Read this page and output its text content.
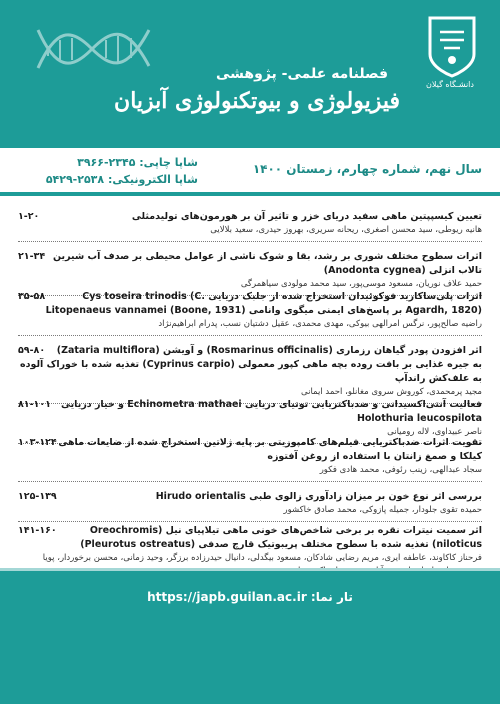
دانشـگاه گیلان
فصلنامه علمی- پژوهشی
فیزیولوژی و بیوتکنولوژی آبزیان
سال نهم، شماره چهارم، زمستان ۱۴۰۰
شاپا چاپی: ۲۳۴۵-۳۹۶۶
شاپا الکترونیکی: ۲۵۳۸-۵۴۲۹
۱-۲۰	تعیین کیسپپتین ماهی سفید دریای خزر و تاثیر آن بر هورمون‌های تولیدمثلی
هانیه ریوطی، سید محسن اصغری، ریحانه سریری، بهروز حیدری، سعید بلالایی
۲۱-۳۴ اثرات سطوح مختلف شوری بر رشد، بقا و شوک ناشی از عوامل محیطی بر صدف آب شیرین تالاب انزلی (Anodonta cygnea)
حمید علاف نوریان، مسعود موسی‌پور، سید محمد مولودی سیاهمرگی
۳۵-۵۸	اثرات پلی‌ساکارید فوکوئیدان استخراج شده از جلبک دریایی Cys toseira trinodis (C. Agardh, 1820) بر پاسخ‌های ایمنی میگوی وانامی (Litopenaeus vannamei (Boone, 1931
راضیه صالح‌پور، نرگس امرالهی بیوکی، مهدی محمدی، عقیل دشتیان نسب، پدرام ابراهیم‌نژاد
۵۹-۸۰ اثر افزودن پودر گیاهان رزماری (Rosmarinus officinalis) و آویشن (Zataria multiflora) به جیره غذایی بر بافت روده بچه ماهی کپور معمولی (Cyprinus carpio) تغذیه شده با خوراک آلوده به علف‌کش راندآپ
مجید پرمحمدی، کوروش سروی مغانلو، احمد ایمانی
۸۱-۱۰۱ فعالیت آنتی‌اکسیدانی و ضدباکتریایی توتیای دریایی Echinometra mathaei و خیار دریایی Holothuria leucospilota
ناصر عبیداوی، لاله رومیانی
۱۰۳-۱۲۴ تقویت اثرات ضدباکتریایی فیلم‌های کامپوزیتی بر پایه ژلاتین استخراج شده از ضایعات ماهی کیلکا و صمغ زانتان با استفاده از روغن آفتوزه
سجاد عبدالهی، زینب رئوفی، محمد هادی فکور
۱۲۵-۱۳۹	بررسی اثر نوع خون بر میزان زادآوری زالوی طبی Hirudo orientalis
حمیده تقوی جلودار، جمیله پازوکی، محمد صادق خاکشور
۱۴۱-۱۶۰	اثر سمیت نیترات نقره بر برخی شاخص‌های خونی ماهی تیلاپیای نیل (Oreochromis niloticus) تغذیه شده با سطوح مختلف پریبوتیک قارچ صدفی (Pleurotus ostreatus)
فرحناز کاکاوند، عاطفه ایری، مریم رضایی شادکان، مسعود بیگدلی، دانیال حیدرزاده برزگر، وحید زمانی، محسن برخوردار، پویا
تار نما: https://japb.guilan.ac.ir
